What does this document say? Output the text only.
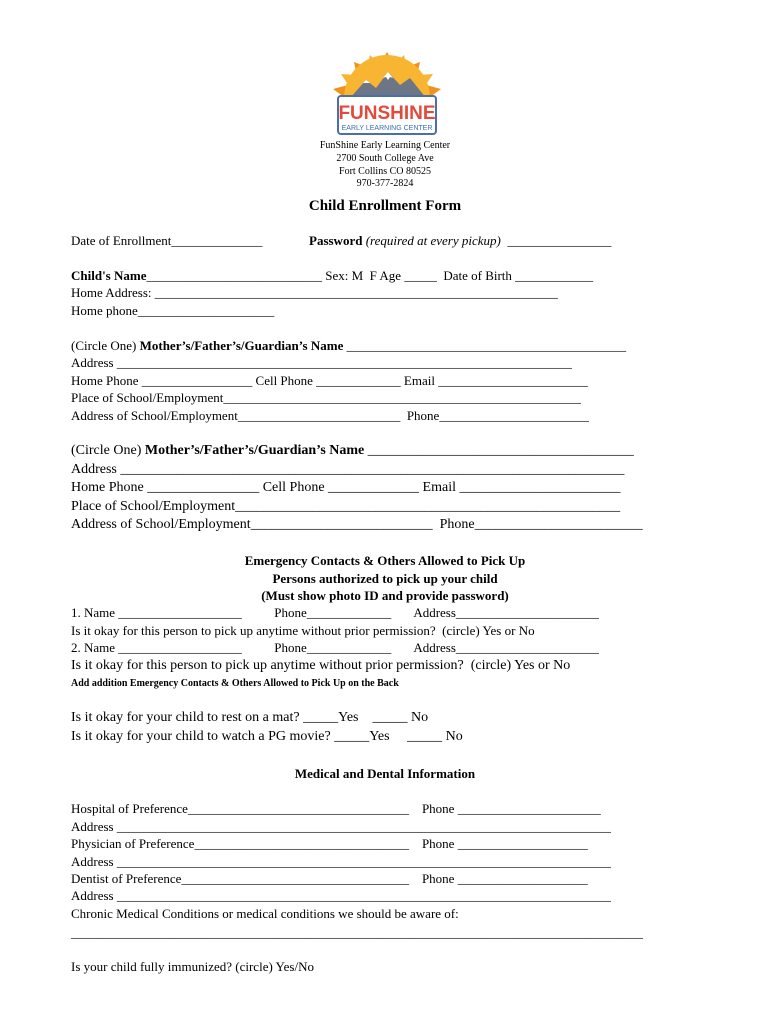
FUNSHINE
EARLY LEARNING CENTER
FunShine Early Learning Center
2700 South College Ave
Fort Collins CO 80525
970-377-2824
Child Enrollment Form
Date of Enrollment______________	Password (required at every pickup)  ________________
Child's Name___________________________ Sex: M  F Age _____  Date of Birth ____________
Home Address: ______________________________________________________________
Home phone_____________________
(Circle One) Mother’s/Father’s/Guardian’s Name ___________________________________________
Address ______________________________________________________________________
Home Phone _________________ Cell Phone _____________ Email _______________________
Place of School/Employment_______________________________________________________
Address of School/Employment_________________________  Phone_______________________
(Circle One) Mother’s/Father’s/Guardian’s Name ______________________________________
Address ________________________________________________________________________
Home Phone ________________ Cell Phone _____________ Email _______________________
Place of School/Employment_______________________________________________________
Address of School/Employment__________________________  Phone________________________
Emergency Contacts & Others Allowed to Pick Up
Persons authorized to pick up your child
(Must show photo ID and provide password)
1. Name ___________________          Phone_____________       Address______________________
Is it okay for this person to pick up anytime without prior permission?  (circle) Yes or No
2. Name ___________________          Phone_____________       Address______________________
Is it okay for this person to pick up anytime without prior permission?  (circle) Yes or No
Add addition Emergency Contacts & Others Allowed to Pick Up on the Back
Is it okay for your child to rest on a mat? _____Yes    _____ No
Is it okay for your child to watch a PG movie? _____Yes     _____ No
Medical and Dental Information
Hospital of Preference__________________________________    Phone ______________________
Address ____________________________________________________________________________
Physician of Preference_________________________________    Phone ____________________
Address ____________________________________________________________________________
Dentist of Preference___________________________________    Phone ____________________
Address ____________________________________________________________________________
Chronic Medical Conditions or medical conditions we should be aware of:
________________________________________________________________________________________
Is your child fully immunized? (circle) Yes/No
